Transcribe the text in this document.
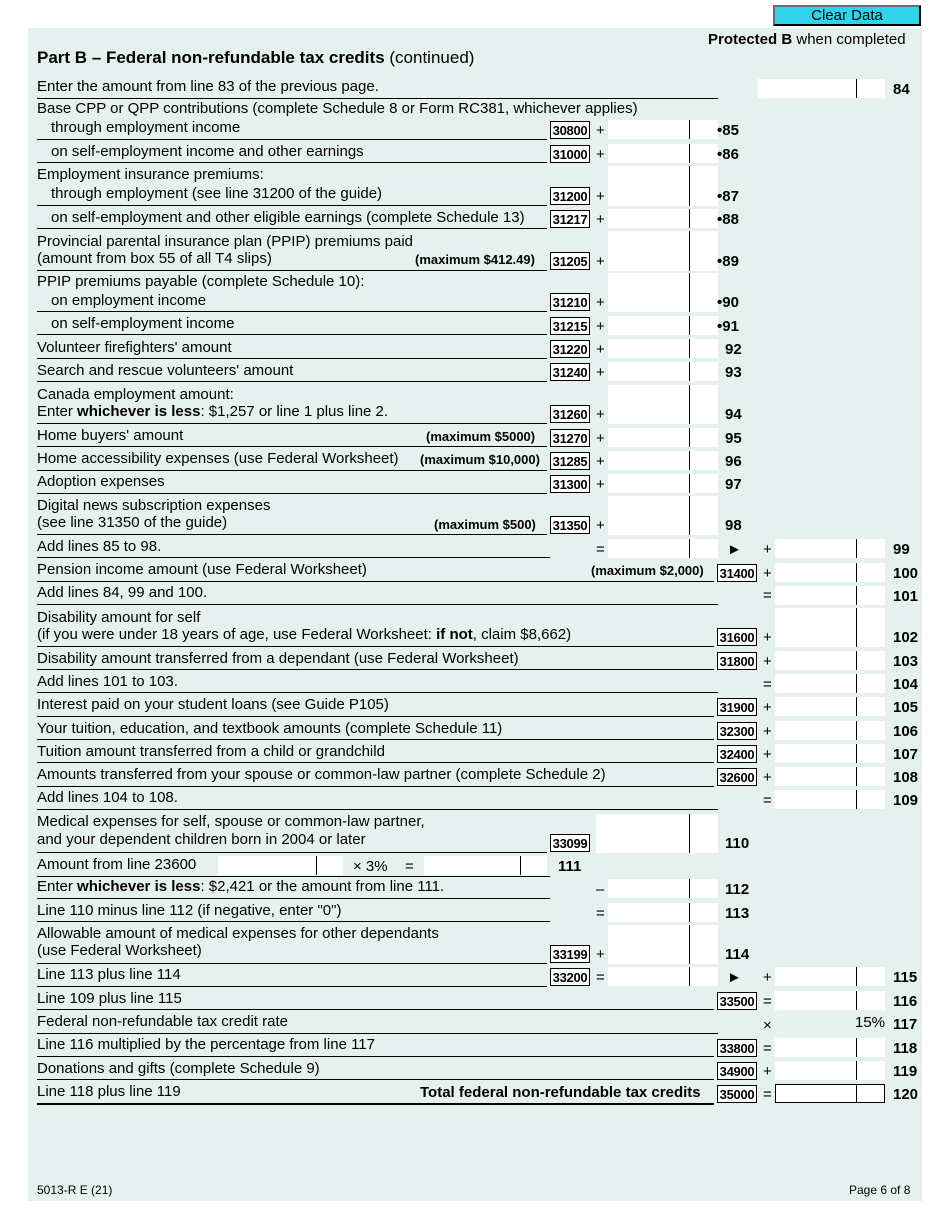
Clear Data
Protected B when completed
Part B – Federal non-refundable tax credits (continued)
Enter the amount from line 83 of the previous page.	84
Base CPP or QPP contributions (complete Schedule 8 or Form RC381, whichever applies)
through employment income	30800 +	•85
on self-employment income and other earnings	31000 +	•86
Employment insurance premiums:
through employment (see line 31200 of the guide)	31200 +	•87
on self-employment and other eligible earnings (complete Schedule 13) 31217 +	•88
Provincial parental insurance plan (PPIP) premiums paid
(amount from box 55 of all T4 slips)	(maximum $412.49) 31205 +	•89
PPIP premiums payable (complete Schedule 10):
on employment income	31210 +	•90
on self-employment income	31215 +	•91
Volunteer firefighters' amount	31220 +	92
Search and rescue volunteers' amount	31240 +	93
Canada employment amount:
Enter whichever is less: $1,257 or line 1 plus line 2.	31260 +	94
Home buyers' amount	(maximum $5000) 31270 +	95
Home accessibility expenses (use Federal Worksheet) (maximum $10,000) 31285 +	96
Adoption expenses	31300 +	97
Digital news subscription expenses
(see line 31350 of the guide)	(maximum $500) 31350 +	98
Add lines 85 to 98.	=	► +	99
Pension income amount (use Federal Worksheet)	(maximum $2,000) 31400 +	100
Add lines 84, 99 and 100.	=	101
Disability amount for self
(if you were under 18 years of age, use Federal Worksheet: if not, claim $8,662)	31600 +	102
Disability amount transferred from a dependant (use Federal Worksheet)	31800 +	103
Add lines 101 to 103.	=	104
Interest paid on your student loans (see Guide P105)	31900 +	105
Your tuition, education, and textbook amounts (complete Schedule 11)	32300 +	106
Tuition amount transferred from a child or grandchild	32400 +	107
Amounts transferred from your spouse or common-law partner (complete Schedule 2)	32600 +	108
Add lines 104 to 108.	=	109
Medical expenses for self, spouse or common-law partner,
and your dependent children born in 2004 or later	33099	110
Amount from line 23600	× 3% =	111
Enter whichever is less: $2,421 or the amount from line 111.	–	112
Line 110 minus line 112 (if negative, enter "0")	=	113
Allowable amount of medical expenses for other dependants
(use Federal Worksheet)	33199 +	114
Line 113 plus line 114	33200 =	► +	115
Line 109 plus line 115	33500 =	116
Federal non-refundable tax credit rate	×	15% 117
Line 116 multiplied by the percentage from line 117	33800 =	118
Donations and gifts (complete Schedule 9)	34900 +	119
Line 118 plus line 119	Total federal non-refundable tax credits 35000 =	120
5013-R E (21)	Page 6 of 8
